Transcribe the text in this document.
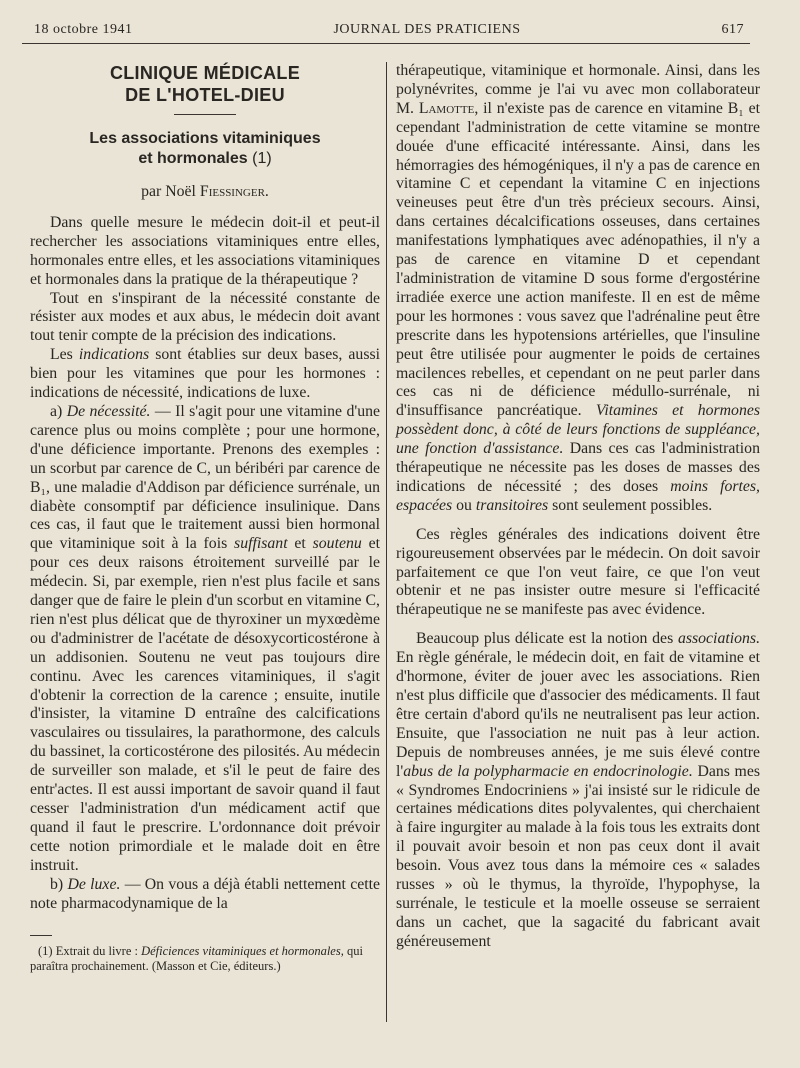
18 octobre 1941	JOURNAL DES PRATICIENS	617
CLINIQUE MÉDICALE
DE L'HOTEL-DIEU
Les associations vitaminiques
et hormonales (1)
par Noël Fiessinger.

Dans quelle mesure le médecin doit-il et peut-il rechercher les associations vitaminiques entre elles, hormonales entre elles, et les associations vitaminiques et hormonales dans la pratique de la thérapeutique ?

Tout en s'inspirant de la nécessité constante de résister aux modes et aux abus, le médecin doit avant tout tenir compte de la précision des indications.

Les indications sont établies sur deux bases, aussi bien pour les vitamines que pour les hormones : indications de nécessité, indications de luxe.

a) De nécessité. — Il s'agit pour une vitamine d'une carence plus ou moins complète ; pour une hormone, d'une déficience importante. Prenons des exemples : un scorbut par carence de C, un béribéri par carence de B₁, une maladie d'Addison par déficience surrénale, un diabète consomptif par déficience insulinique. Dans ces cas, il faut que le traitement aussi bien hormonal que vitaminique soit à la fois suffisant et soutenu et pour ces deux raisons étroitement surveillé par le médecin. Si, par exemple, rien n'est plus facile et sans danger que de faire le plein d'un scorbut en vitamine C, rien n'est plus délicat que de thyroxiner un myxœdème ou d'administrer de l'acétate de désoxycorticostérone à un addisonien. Soutenu ne veut pas toujours dire continu. Avec les carences vitaminiques, il s'agit d'obtenir la correction de la carence ; ensuite, inutile d'insister, la vitamine D entraîne des calcifications vasculaires ou tissulaires, la parathormone, des calculs du bassinet, la corticostérone des pilosités. Au médecin de surveiller son malade, et s'il le peut de faire des entr'actes. Il est aussi important de savoir quand il faut cesser l'administration d'un médicament actif que quand il faut le prescrire. L'ordonnance doit prévoir cette notion primordiale et le malade doit en être instruit.

b) De luxe. — On vous a déjà établi nettement cette note pharmacodynamique de la

(1) Extrait du livre : Déficiences vitaminiques et hormonales, qui paraîtra prochainement. (Masson et Cie, éditeurs.)

thérapeutique, vitaminique et hormonale. Ainsi, dans les polynévrites, comme je l'ai vu avec mon collaborateur M. Lamotte, il n'existe pas de carence en vitamine B₁ et cependant l'administration de cette vitamine se montre douée d'une efficacité intéressante. Ainsi, dans les hémorragies des hémogéniques, il n'y a pas de carence en vitamine C et cependant la vitamine C en injections veineuses peut être d'un très précieux secours. Ainsi, dans certaines décalcifications osseuses, dans certaines manifestations lymphatiques avec adénopathies, il n'y a pas de carence en vitamine D et cependant l'administration de vitamine D sous forme d'ergostérine irradiée exerce une action manifeste. Il en est de même pour les hormones : vous savez que l'adrénaline peut être prescrite dans les hypotensions artérielles, que l'insuline peut être utilisée pour augmenter le poids de certaines macilences rebelles, et cependant on ne peut parler dans ces cas ni de déficience médullo-surrénale, ni d'insuffisance pancréatique. Vitamines et hormones possèdent donc, à côté de leurs fonctions de suppléance, une fonction d'assistance. Dans ces cas l'administration thérapeutique ne nécessite pas les doses de masses des indications de nécessité ; des doses moins fortes, espacées ou transitoires sont seulement possibles.

Ces règles générales des indications doivent être rigoureusement observées par le médecin. On doit savoir parfaitement ce que l'on veut faire, ce que l'on veut obtenir et ne pas insister outre mesure si l'efficacité thérapeutique ne se manifeste pas avec évidence.

Beaucoup plus délicate est la notion des associations. En règle générale, le médecin doit, en fait de vitamine et d'hormone, éviter de jouer avec les associations. Rien n'est plus difficile que d'associer des médicaments. Il faut être certain d'abord qu'ils ne neutralisent pas leur action. Ensuite, que l'association ne nuit pas à leur action. Depuis de nombreuses années, je me suis élevé contre l'abus de la polypharmacie en endocrinologie. Dans mes « Syndromes Endocriniens » j'ai insisté sur le ridicule de certaines médications dites polyvalentes, qui cherchaient à faire ingurgiter au malade à la fois tous les extraits dont il pouvait avoir besoin et non pas ceux dont il avait besoin. Vous avez tous dans la mémoire ces « salades russes » où le thymus, la thyroïde, l'hypophyse, la surrénale, le testicule et la moelle osseuse se serraient dans un cachet, que la sagacité du fabricant avait généreusement
